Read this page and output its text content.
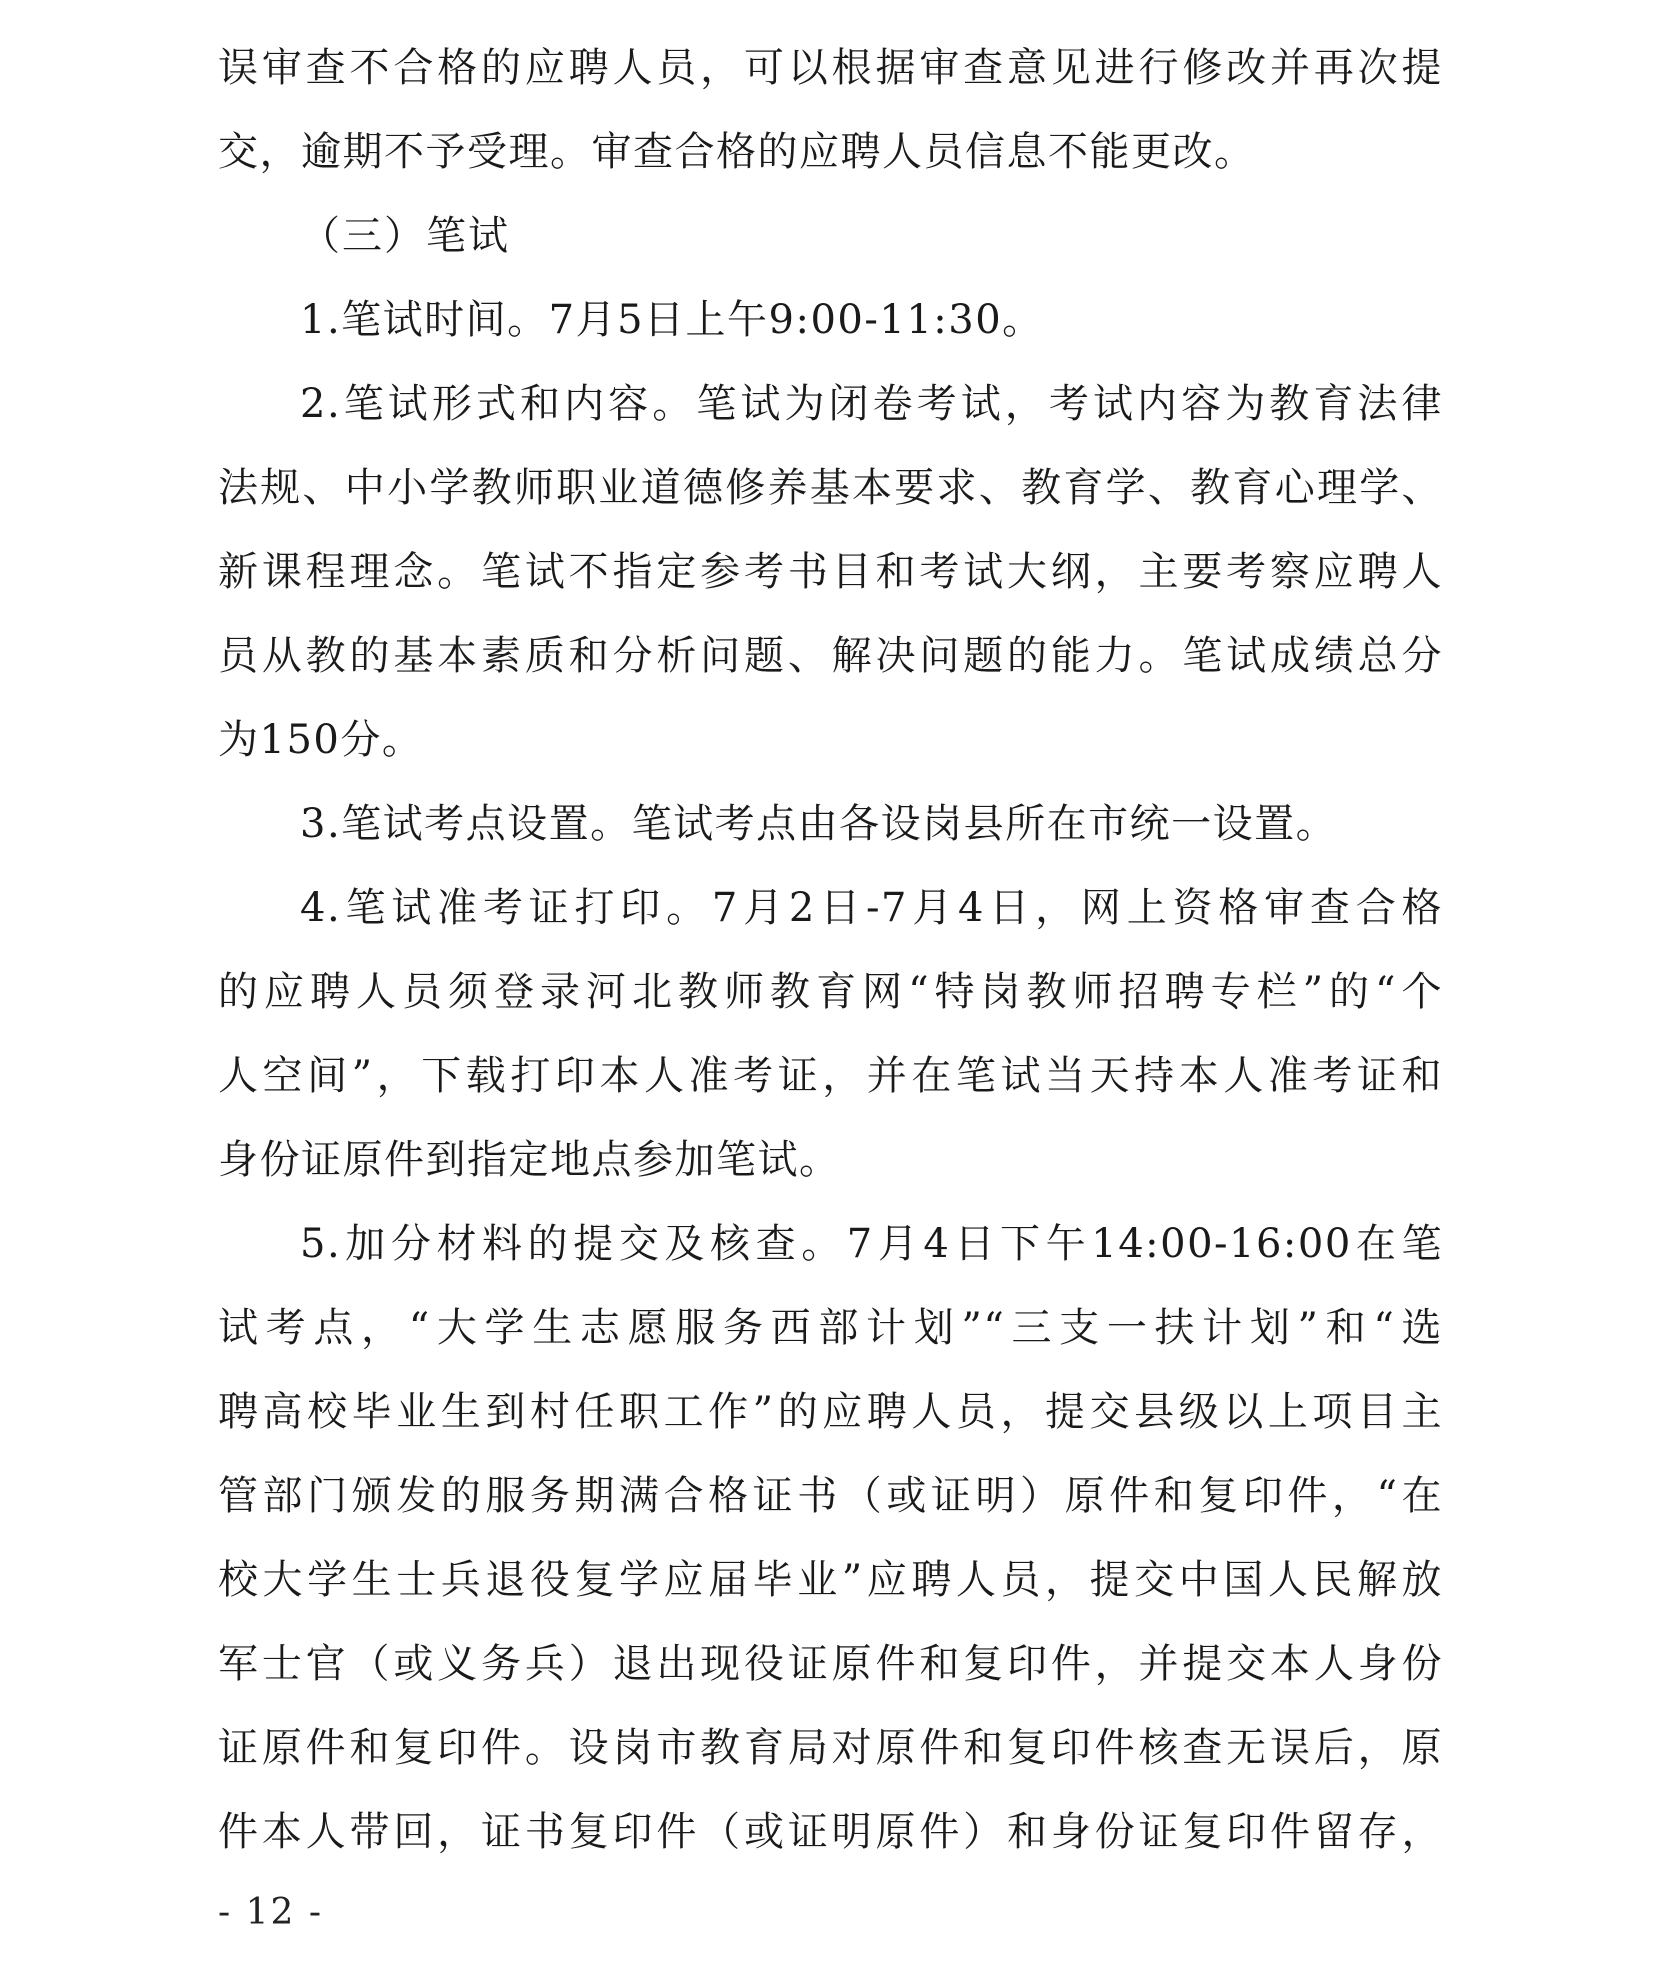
误审查不合格的应聘人员，可以根据审查意见进行修改并再次提
交，逾期不予受理。审查合格的应聘人员信息不能更改。
（三）笔试
1.笔试时间。7月5日上午9:00-11:30。
2.笔试形式和内容。笔试为闭卷考试，考试内容为教育法律
法规、中小学教师职业道德修养基本要求、教育学、教育心理学、
新课程理念。笔试不指定参考书目和考试大纲，主要考察应聘人
员从教的基本素质和分析问题、解决问题的能力。笔试成绩总分
为150分。
3.笔试考点设置。笔试考点由各设岗县所在市统一设置。
4.笔试准考证打印。7月2日-7月4日，网上资格审查合格
的应聘人员须登录河北教师教育网“特岗教师招聘专栏”的“个
人空间”，下载打印本人准考证，并在笔试当天持本人准考证和
身份证原件到指定地点参加笔试。
5.加分材料的提交及核查。7月4日下午14:00-16:00在笔
试考点，“大学生志愿服务西部计划”“三支一扶计划”和“选
聘高校毕业生到村任职工作”的应聘人员，提交县级以上项目主
管部门颁发的服务期满合格证书（或证明）原件和复印件，“在
校大学生士兵退役复学应届毕业”应聘人员，提交中国人民解放
军士官（或义务兵）退出现役证原件和复印件，并提交本人身份
证原件和复印件。设岗市教育局对原件和复印件核查无误后，原
件本人带回，证书复印件（或证明原件）和身份证复印件留存，
- 12 -
